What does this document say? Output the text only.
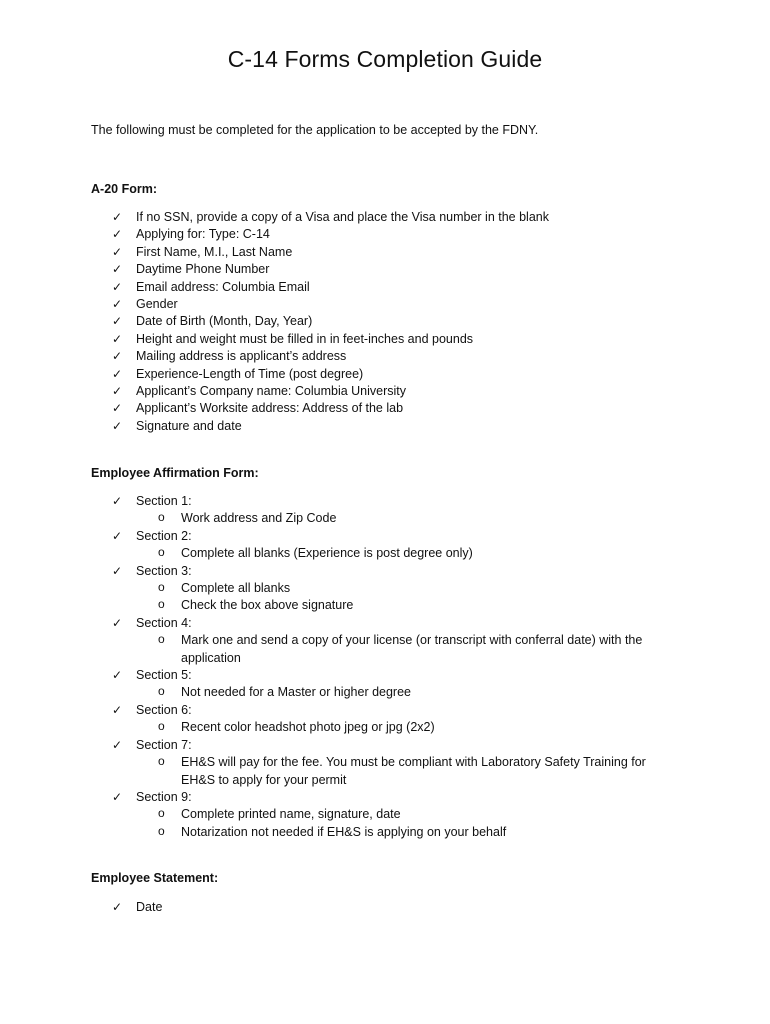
C-14 Forms Completion Guide
The following must be completed for the application to be accepted by the FDNY.
A-20 Form:
✓ If no SSN, provide a copy of a Visa and place the Visa number in the blank
✓ Applying for: Type: C-14
✓ First Name, M.I., Last Name
✓ Daytime Phone Number
✓ Email address: Columbia Email
✓ Gender
✓ Date of Birth (Month, Day, Year)
✓ Height and weight must be filled in in feet-inches and pounds
✓ Mailing address is applicant’s address
✓ Experience-Length of Time (post degree)
✓ Applicant’s Company name: Columbia University
✓ Applicant’s Worksite address: Address of the lab
✓ Signature and date
Employee Affirmation Form:
✓ Section 1:
o Work address and Zip Code
✓ Section 2:
o Complete all blanks (Experience is post degree only)
✓ Section 3:
o Complete all blanks
o Check the box above signature
✓ Section 4:
o Mark one and send a copy of your license (or transcript with conferral date) with the application
✓ Section 5:
o Not needed for a Master or higher degree
✓ Section 6:
o Recent color headshot photo jpeg or jpg (2x2)
✓ Section 7:
o EH&S will pay for the fee. You must be compliant with Laboratory Safety Training for EH&S to apply for your permit
✓ Section 9:
o Complete printed name, signature, date
o Notarization not needed if EH&S is applying on your behalf
Employee Statement:
✓ Date
